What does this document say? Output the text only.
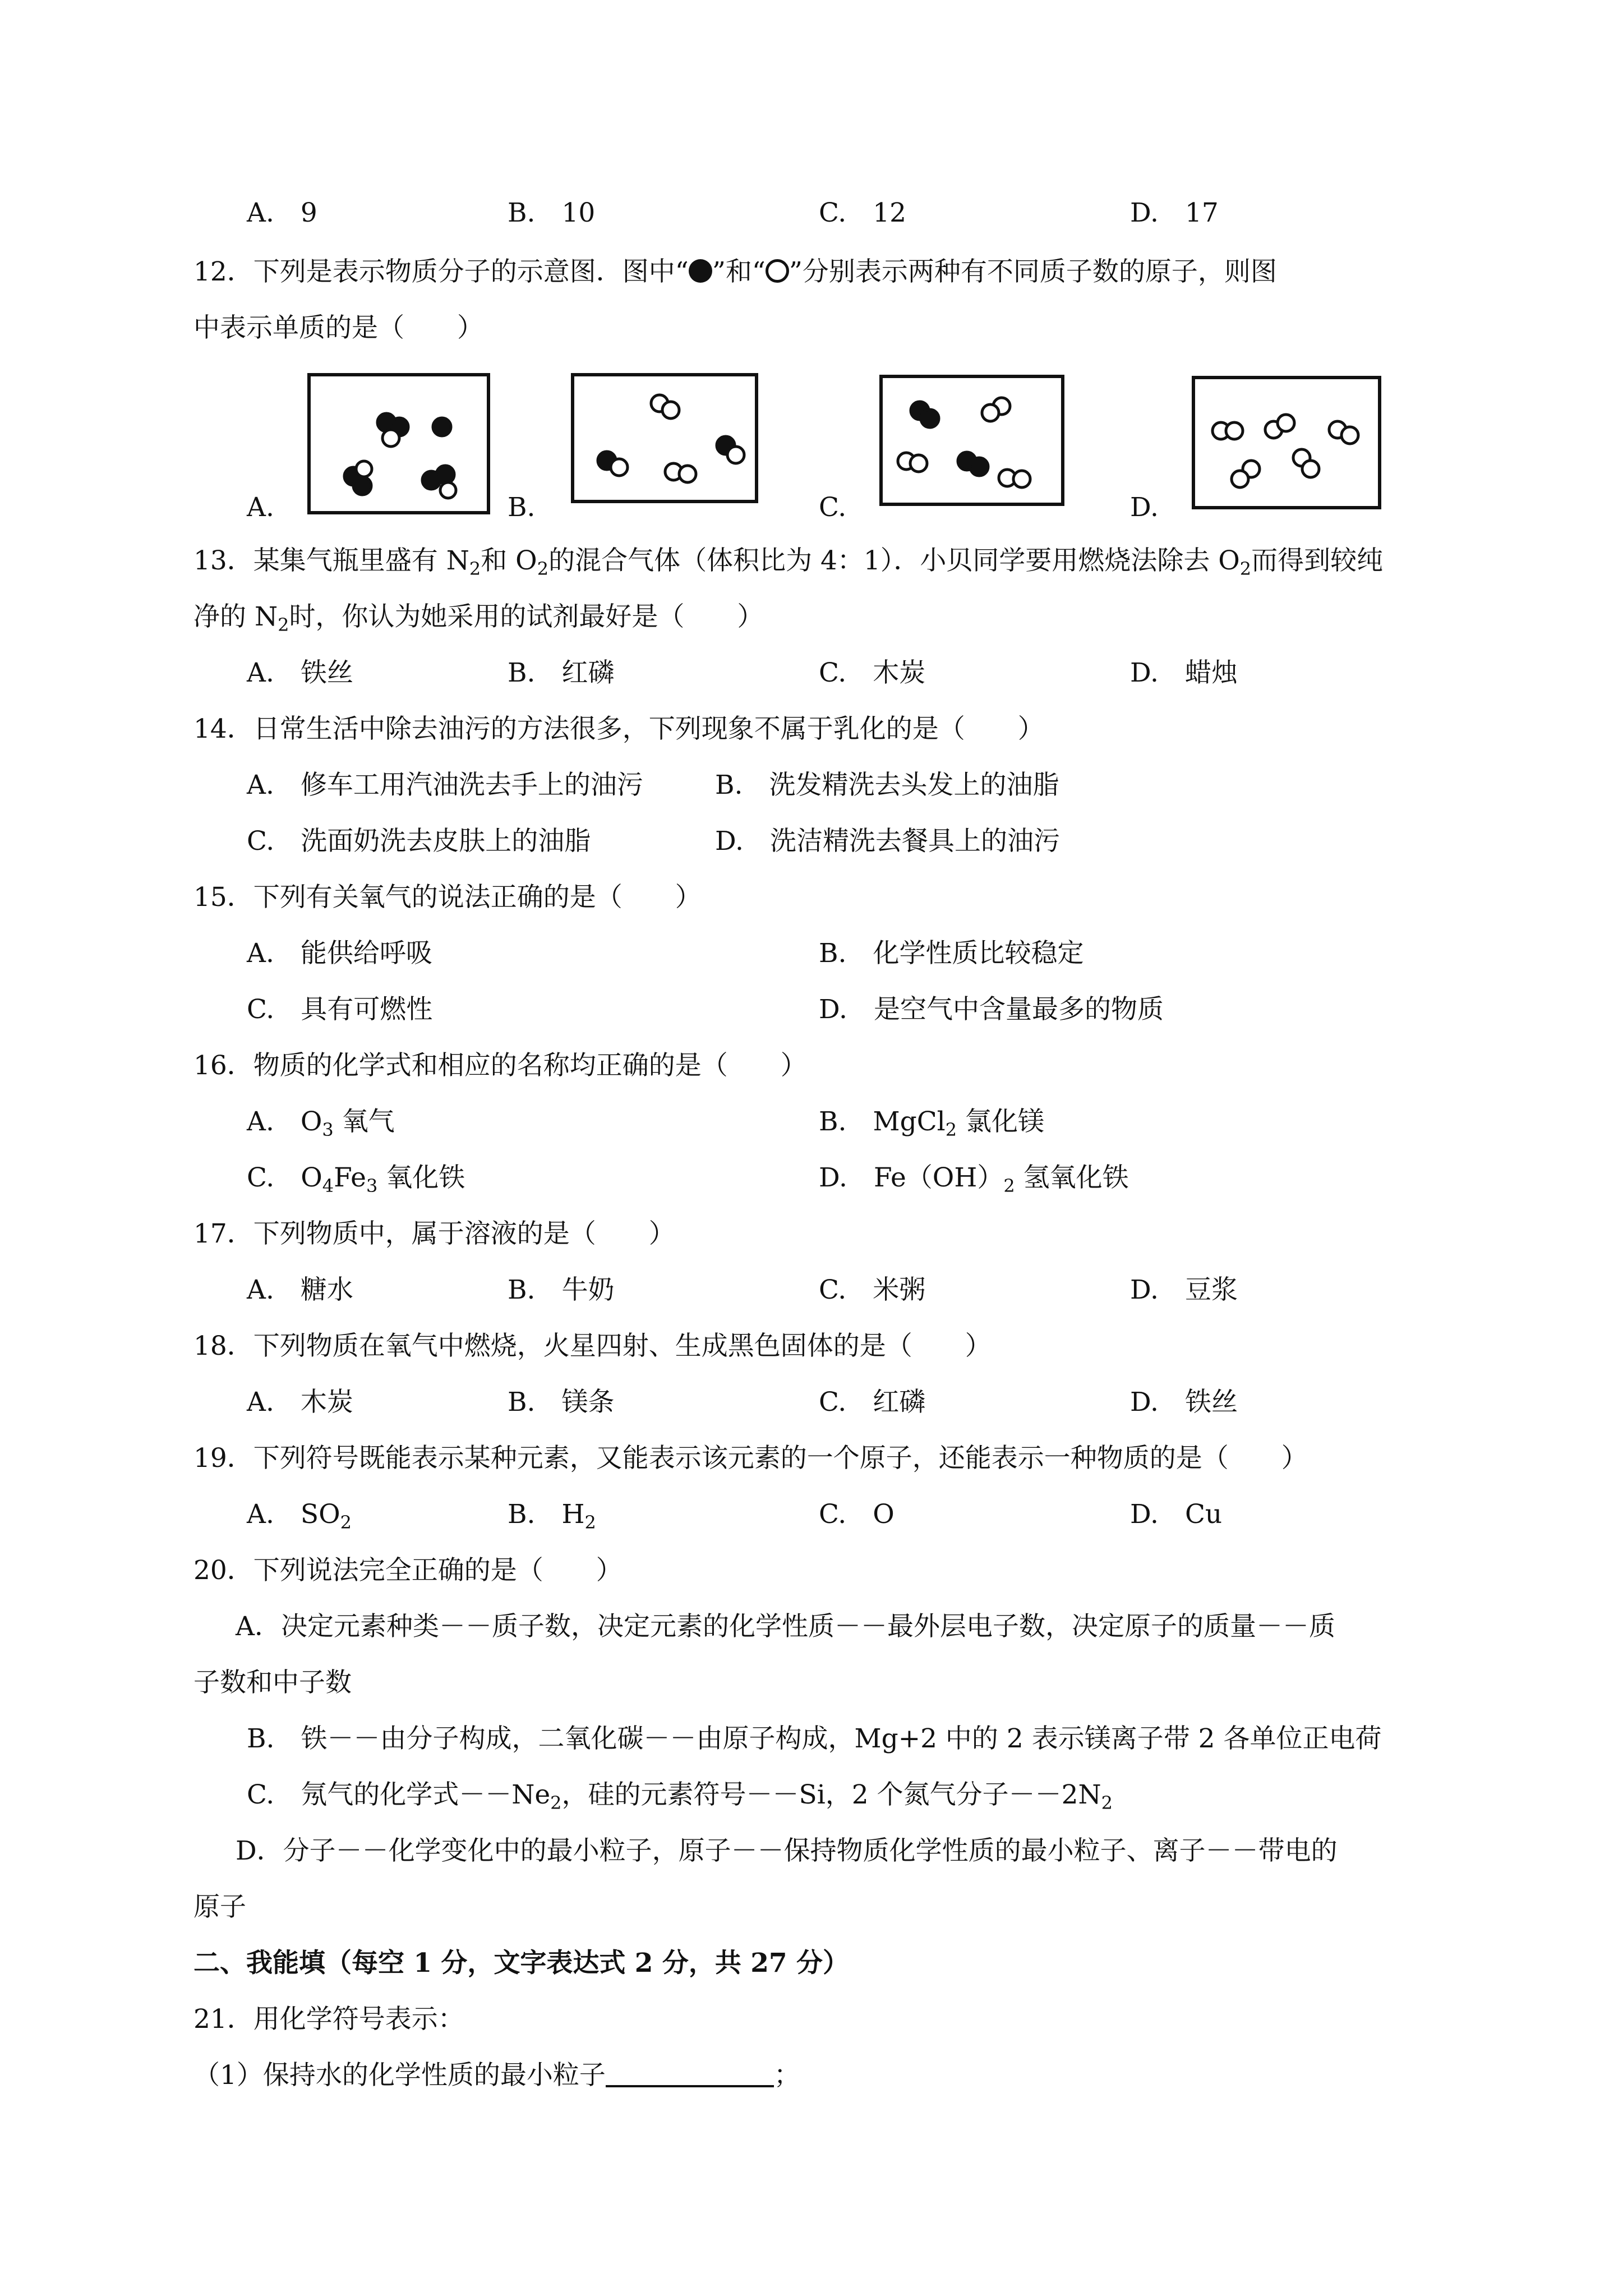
A.　9	B.　10	C.　12	D.　17
12．下列是表示物质分子的示意图．图中“ ”和“ ”分别表示两种有不同质子数的原子，则图
中表示单质的是（　　）
A.	B.	C.	D.
13．某集气瓶里盛有 $N_2$和 $O_2$的混合气体（体积比为 4：1）．小贝同学要用燃烧法除去 $O_2$而得到较纯
净的 $N_2$时，你认为她采用的试剂最好是（　　）
A.　铁丝	B.　红磷	C.　木炭	D.　蜡烛
14．日常生活中除去油污的方法很多，下列现象不属于乳化的是（　　）
A.　修车工用汽油洗去手上的油污	B.　洗发精洗去头发上的油脂
C.　洗面奶洗去皮肤上的油脂	D.　洗洁精洗去餐具上的油污
15．下列有关氧气的说法正确的是（　　）
A.　能供给呼吸	B.　化学性质比较稳定
C.　具有可燃性	D.　是空气中含量最多的物质
16．物质的化学式和相应的名称均正确的是（　　）
A.　$O_3$ 氧气	B.　MgCl$_2$ 氯化镁
C.　$O_4Fe_3$ 氧化铁	D.　$Fe(OH)_2$ 氢氧化铁
17．下列物质中，属于溶液的是（　　）
A.　糖水	B.　牛奶	C.　米粥	D.　豆浆
18．下列物质在氧气中燃烧，火星四射、生成黑色固体的是（　　）
A.　木炭	B.　镁条	C.　红磷	D.　铁丝
19．下列符号既能表示某种元素，又能表示该元素的一个原子，还能表示一种物质的是（　　）
A.　$SO_2$	B.　$H_2$	C.　O	D.　Cu
20．下列说法完全正确的是（　　）
A．决定元素种类－－质子数，决定元素的化学性质－－最外层电子数，决定原子的质量－－质
子数和中子数
B.　铁－－由分子构成，二氧化碳－－由原子构成，Mg+2 中的 2 表示镁离子带 2 各单位正电荷
C.　氖气的化学式$--Ne_2$，硅的元素符号－－Si，2 个氮气分子$--2N_2$
D．分子－－化学变化中的最小粒子，原子－－保持物质化学性质的最小粒子、离子－－带电的
原子
二、我能填（每空 1 分，文字表达式 2 分，共 27 分）
21．用化学符号表示：
（1）保持水的化学性质的最小粒子	；
